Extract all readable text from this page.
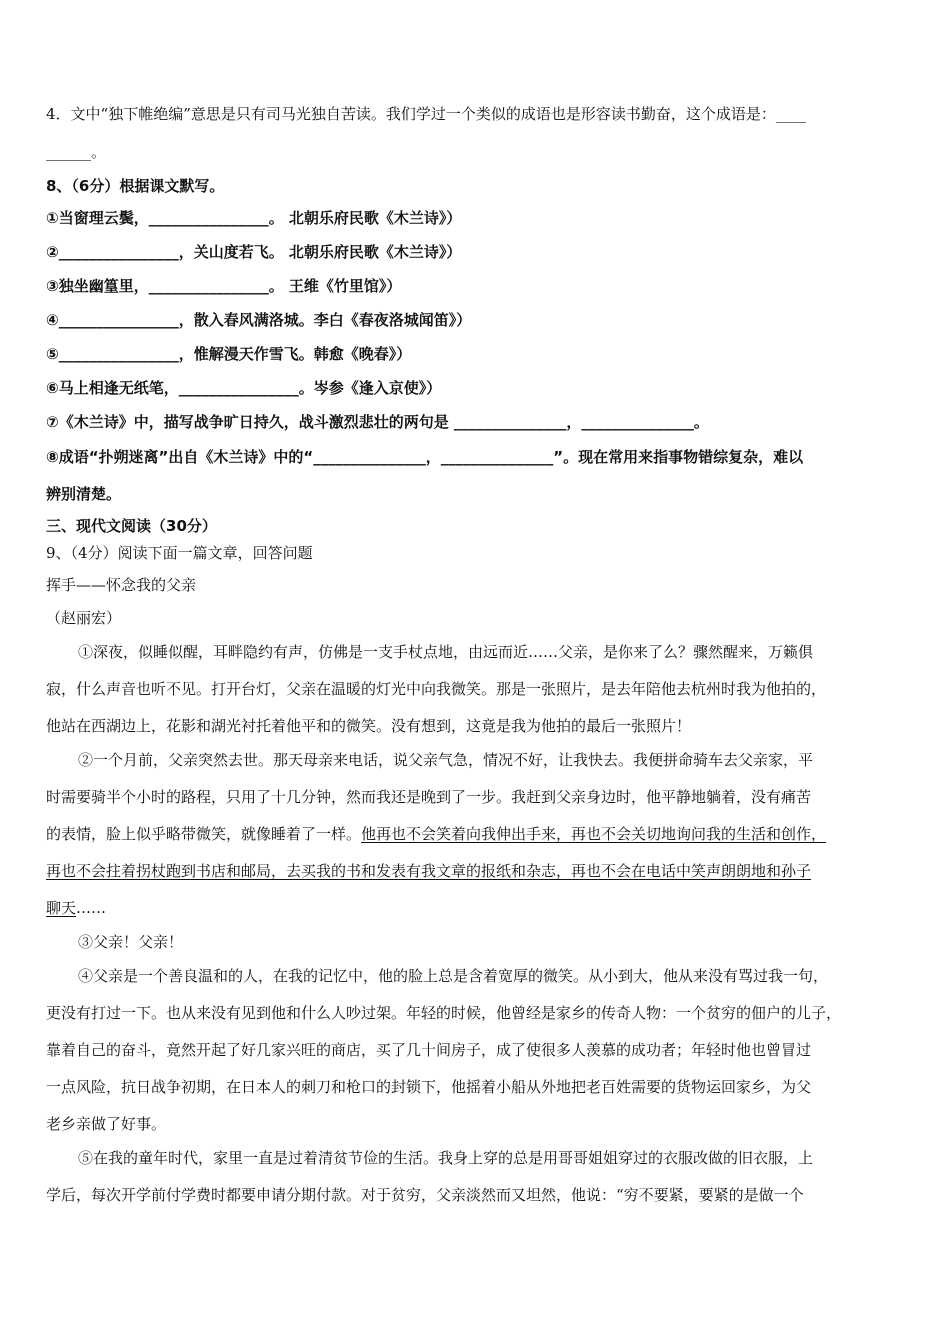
4．文中“独下帷绝编”意思是只有司马光独自苦读。我们学过一个类似的成语也是形容读书勤奋，这个成语是：____
______。
8、（6分）根据课文默写。
①当窗理云鬓，________________。 北朝乐府民歌《木兰诗》）
②________________，关山度若飞。 北朝乐府民歌《木兰诗》）
③独坐幽篁里，________________。 王维《竹里馆》）
④________________，散入春风满洛城。李白《春夜洛城闻笛》）
⑤________________，惟解漫天作雪飞。韩愈《晚春》）
⑥马上相逢无纸笔，________________。岑参《逢入京使》）
⑦《木兰诗》中，描写战争旷日持久，战斗激烈悲壮的两句是 _______________，_______________。
⑧成语“扑朔迷离”出自《木兰诗》中的“_______________，_______________”。现在常用来指事物错综复杂，难以
辨别清楚。
三、现代文阅读（30分）
9、（4分）阅读下面一篇文章，回答问题
挥手——怀念我的父亲
（赵丽宏）
①深夜，似睡似醒，耳畔隐约有声，仿佛是一支手杖点地，由远而近……父亲，是你来了么？骤然醒来，万籁俱
寂，什么声音也听不见。打开台灯，父亲在温暖的灯光中向我微笑。那是一张照片，是去年陪他去杭州时我为他拍的，
他站在西湖边上，花影和湖光衬托着他平和的微笑。没有想到，这竟是我为他拍的最后一张照片！
②一个月前，父亲突然去世。那天母亲来电话，说父亲气急，情况不好，让我快去。我便拼命骑车去父亲家，平
时需要骑半个小时的路程，只用了十几分钟，然而我还是晚到了一步。我赶到父亲身边时，他平静地躺着，没有痛苦
的表情，脸上似乎略带微笑，就像睡着了一样。他再也不会笑着向我伸出手来，再也不会关切地询问我的生活和创作，
再也不会拄着拐杖跑到书店和邮局，去买我的书和发表有我文章的报纸和杂志，再也不会在电话中笑声朗朗地和孙子
聊天……
③父亲！父亲！
④父亲是一个善良温和的人，在我的记忆中，他的脸上总是含着宽厚的微笑。从小到大，他从来没有骂过我一句，
更没有打过一下。也从来没有见到他和什么人吵过架。年轻的时候，他曾经是家乡的传奇人物：一个贫穷的佃户的儿子，
靠着自己的奋斗，竟然开起了好几家兴旺的商店，买了几十间房子，成了使很多人羡慕的成功者；年轻时他也曾冒过
一点风险，抗日战争初期，在日本人的刺刀和枪口的封锁下，他摇着小船从外地把老百姓需要的货物运回家乡，为父
老乡亲做了好事。
⑤在我的童年时代，家里一直是过着清贫节俭的生活。我身上穿的总是用哥哥姐姐穿过的衣服改做的旧衣服，上
学后，每次开学前付学费时都要申请分期付款。对于贫穷，父亲淡然而又坦然，他说：“穷不要紧，要紧的是做一个
